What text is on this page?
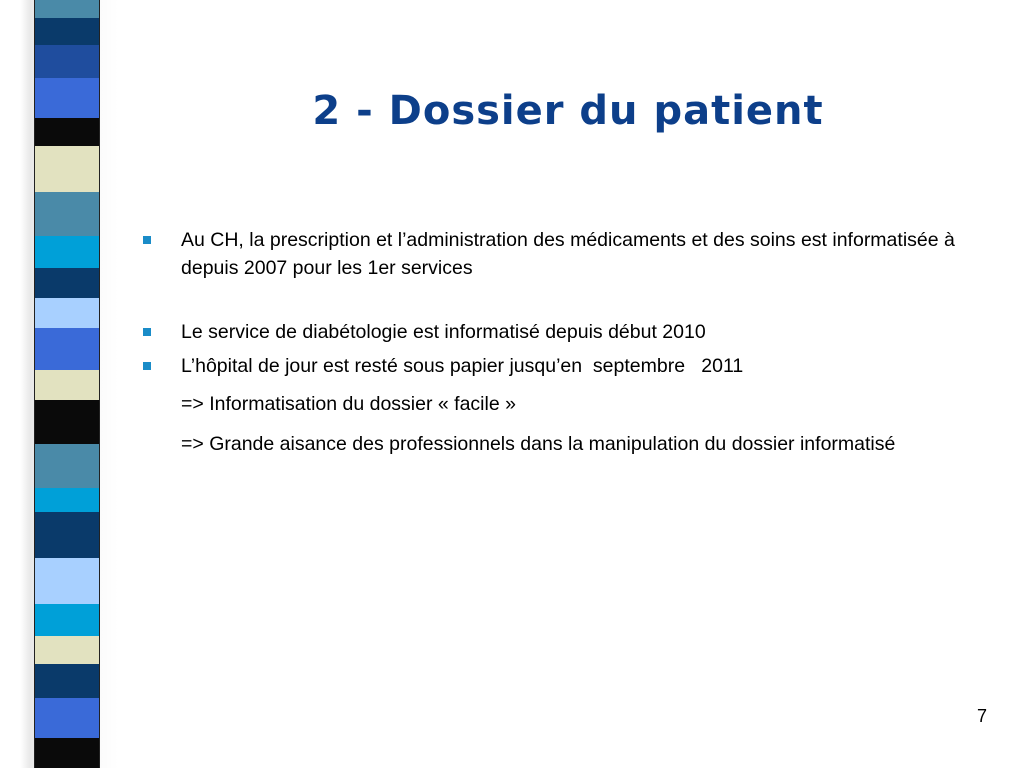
2 - Dossier du patient
Au CH, la prescription et l’administration des médicaments et des soins est informatisée à depuis 2007 pour les 1er services
Le service de diabétologie est informatisé depuis début 2010
L’hôpital de jour est resté sous papier jusqu’en  septembre   2011
=> Informatisation du dossier « facile »
=> Grande aisance des professionnels dans la manipulation du dossier informatisé
7
